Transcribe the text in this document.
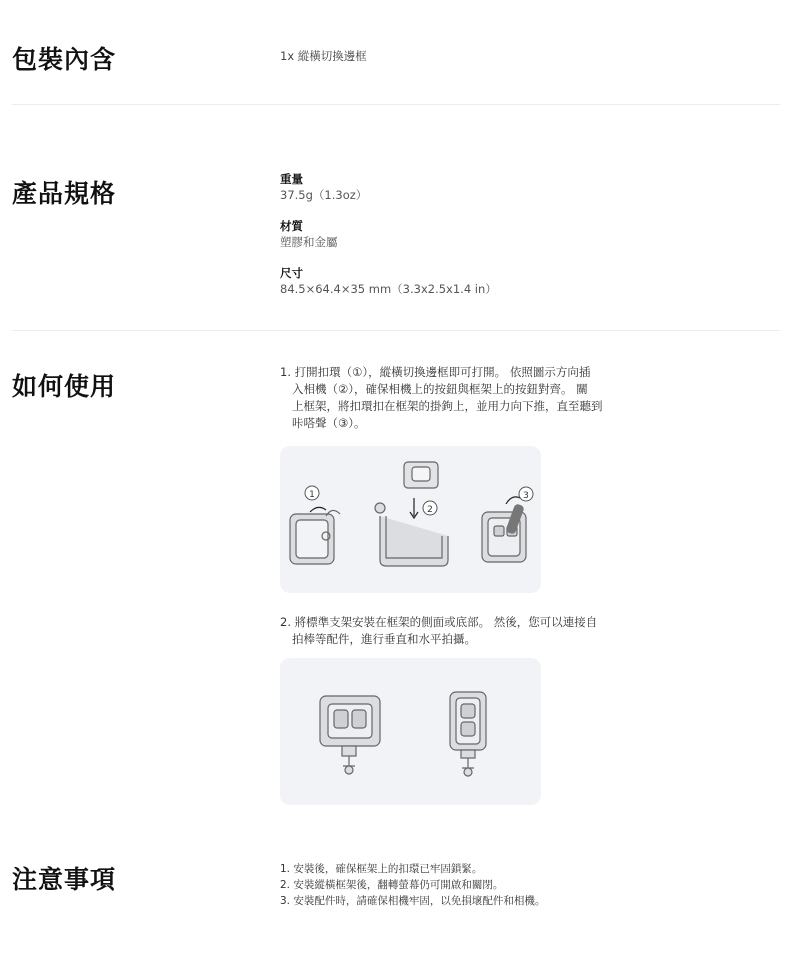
包裝內含	1x 縱橫切換邊框
產品規格	重量
37.5g（1.3oz）
材質
塑膠和金屬
尺寸
84.5×64.4×35 mm（3.3x2.5x1.4 in）
如何使用	1. 打開扣環（①），縱橫切換邊框即可打開。 依照圖示方向插
入相機（②），確保相機上的按鈕與框架上的按鈕對齊。 關
上框架，將扣環扣在框架的掛鉤上，並用力向下推，直至聽到
咔嗒聲（③）。
1
2
3
2. 將標準支架安裝在框架的側面或底部。 然後，您可以連接自
拍棒等配件，進行垂直和水平拍攝。
注意事項	1. 安裝後，確保框架上的扣環已牢固鎖緊。
2. 安裝縱橫框架後，翻轉螢幕仍可開啟和關閉。
3. 安裝配件時，請確保相機牢固，以免損壞配件和相機。
